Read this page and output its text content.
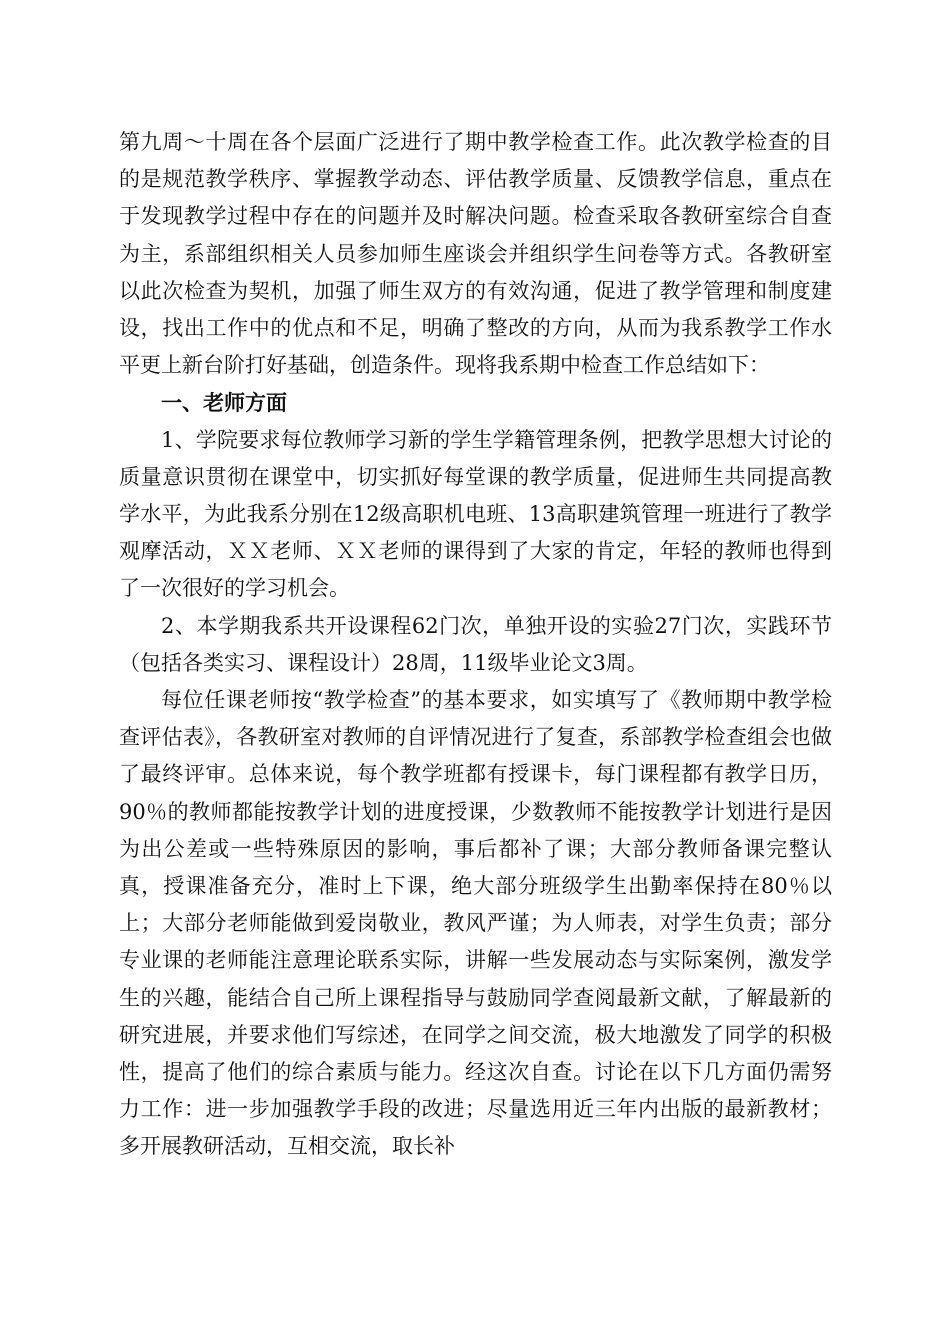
第九周～十周在各个层面广泛进行了期中教学检查工作。此次教学检查的目的是规范教学秩序、掌握教学动态、评估教学质量、反馈教学信息，重点在于发现教学过程中存在的问题并及时解决问题。检查采取各教研室综合自查为主，系部组织相关人员参加师生座谈会并组织学生问卷等方式。各教研室以此次检查为契机，加强了师生双方的有效沟通，促进了教学管理和制度建设，找出工作中的优点和不足，明确了整改的方向，从而为我系教学工作水平更上新台阶打好基础，创造条件。现将我系期中检查工作总结如下：

一、老师方面

1、学院要求每位教师学习新的学生学籍管理条例，把教学思想大讨论的质量意识贯彻在课堂中，切实抓好每堂课的教学质量，促进师生共同提高教学水平，为此我系分别在12级高职机电班、13高职建筑管理一班进行了教学观摩活动，ＸＸ老师、ＸＸ老师的课得到了大家的肯定，年轻的教师也得到了一次很好的学习机会。

2、本学期我系共开设课程62门次，单独开设的实验27门次，实践环节（包括各类实习、课程设计）28周，11级毕业论文3周。

每位任课老师按“教学检查”的基本要求，如实填写了《教师期中教学检查评估表》，各教研室对教师的自评情况进行了复查，系部教学检查组会也做了最终评审。总体来说，每个教学班都有授课卡，每门课程都有教学日历，90％的教师都能按教学计划的进度授课，少数教师不能按教学计划进行是因为出公差或一些特殊原因的影响，事后都补了课；大部分教师备课完整认真，授课准备充分，准时上下课，绝大部分班级学生出勤率保持在80％以上；大部分老师能做到爱岗敬业，教风严谨；为人师表，对学生负责；部分专业课的老师能注意理论联系实际，讲解一些发展动态与实际案例，激发学生的兴趣，能结合自己所上课程指导与鼓励同学查阅最新文献，了解最新的研究进展，并要求他们写综述，在同学之间交流，极大地激发了同学的积极性，提高了他们的综合素质与能力。经这次自查。讨论在以下几方面仍需努力工作：进一步加强教学手段的改进；尽量选用近三年内出版的最新教材；多开展教研活动，互相交流，取长补
